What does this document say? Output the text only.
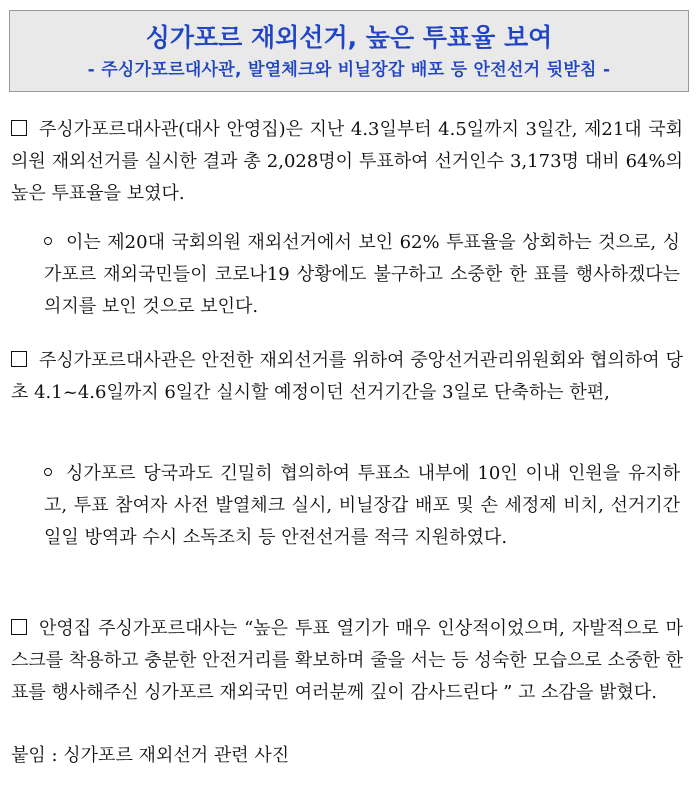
싱가포르 재외선거, 높은 투표율 보여
- 주싱가포르대사관, 발열체크와 비닐장갑 배포 등 안전선거 뒷받침 -
주싱가포르대사관(대사 안영집)은 지난 4.3일부터 4.5일까지 3일간, 제21대 국회의원 재외선거를 실시한 결과 총 2,028명이 투표하여 선거인수 3,173명 대비 64%의 높은 투표율을 보였다.
이는 제20대 국회의원 재외선거에서 보인 62% 투표율을 상회하는 것으로, 싱가포르 재외국민들이 코로나19 상황에도 불구하고 소중한 한 표를 행사하겠다는 의지를 보인 것으로 보인다.
주싱가포르대사관은 안전한 재외선거를 위하여 중앙선거관리위원회와 협의하여 당초 4.1~4.6일까지 6일간 실시할 예정이던 선거기간을 3일로 단축하는 한편,
싱가포르 당국과도 긴밀히 협의하여 투표소 내부에 10인 이내 인원을 유지하고, 투표 참여자 사전 발열체크 실시, 비닐장갑 배포 및 손 세정제 비치, 선거기간 일일 방역과 수시 소독조치 등 안전선거를 적극 지원하였다.
안영집 주싱가포르대사는 “높은 투표 열기가 매우 인상적이었으며, 자발적으로 마스크를 착용하고 충분한 안전거리를 확보하며 줄을 서는 등 성숙한 모습으로 소중한 한 표를 행사해주신 싱가포르 재외국민 여러분께 깊이 감사드린다 ” 고 소감을 밝혔다.
붙임 : 싱가포르 재외선거 관련 사진
